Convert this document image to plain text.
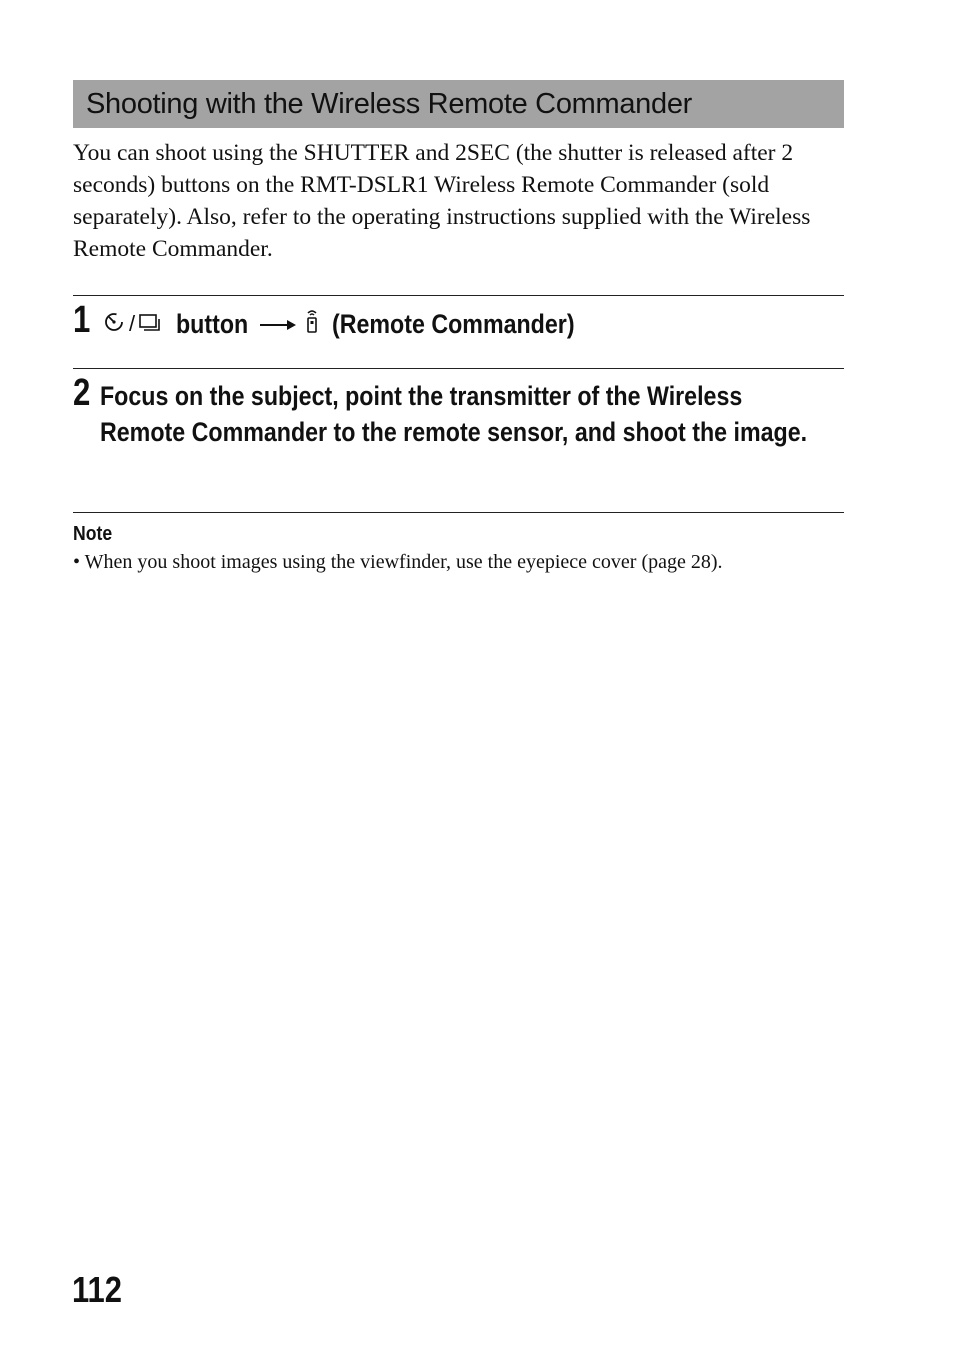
Shooting with the Wireless Remote Commander

You can shoot using the SHUTTER and 2SEC (the shutter is released after 2 seconds) buttons on the RMT-DSLR1 Wireless Remote Commander (sold separately). Also, refer to the operating instructions supplied with the Wireless Remote Commander.

1 / button	(Remote Commander)
2 Focus on the subject, point the transmitter of the Wireless Remote Commander to the remote sensor, and shoot the image.
Note
• When you shoot images using the viewfinder, use the eyepiece cover (page 28).
112
